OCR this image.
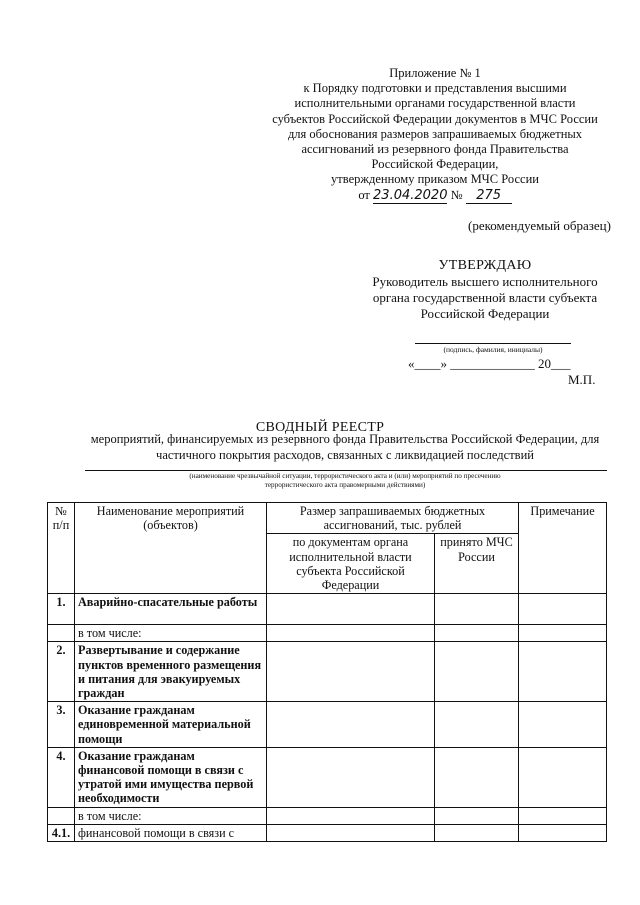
Приложение № 1
к Порядку подготовки и представления высшими
исполнительными органами государственной власти
субъектов Российской Федерации документов в МЧС России
для обоснования размеров запрашиваемых бюджетных
ассигнований из резервного фонда Правительства
Российской Федерации,
утвержденному приказом МЧС России
от 23.04.2020 № 275
(рекомендуемый образец)
УТВЕРЖДАЮ
Руководитель высшего исполнительного
органа государственной власти субъекта
Российской Федерации
(подпись, фамилия, инициалы)
«____» _____________ 20___
М.П.
СВОДНЫЙ РЕЕСТР
мероприятий, финансируемых из резервного фонда Правительства Российской Федерации, для
частичного покрытия расходов, связанных с ликвидацией последствий
(наименование чрезвычайной ситуации, террористического акта и (или) мероприятий по пресечению
террористического акта правомерными действиями)
№ п/п	Наименование мероприятий (объектов)	Размер запрашиваемых бюджетных ассигнований, тыс. рублей		Примечание
		по документам органа исполнительной власти субъекта Российской Федерации	принято МЧС России	
1.	Аварийно-спасательные работы			
	в том числе:			
2.	Развертывание и содержание пунктов временного размещения и питания для эвакуируемых граждан			
3.	Оказание гражданам единовременной материальной помощи			
4.	Оказание гражданам финансовой помощи в связи с утратой ими имущества первой необходимости			
	в том числе:			
4.1.	финансовой помощи в связи с			
